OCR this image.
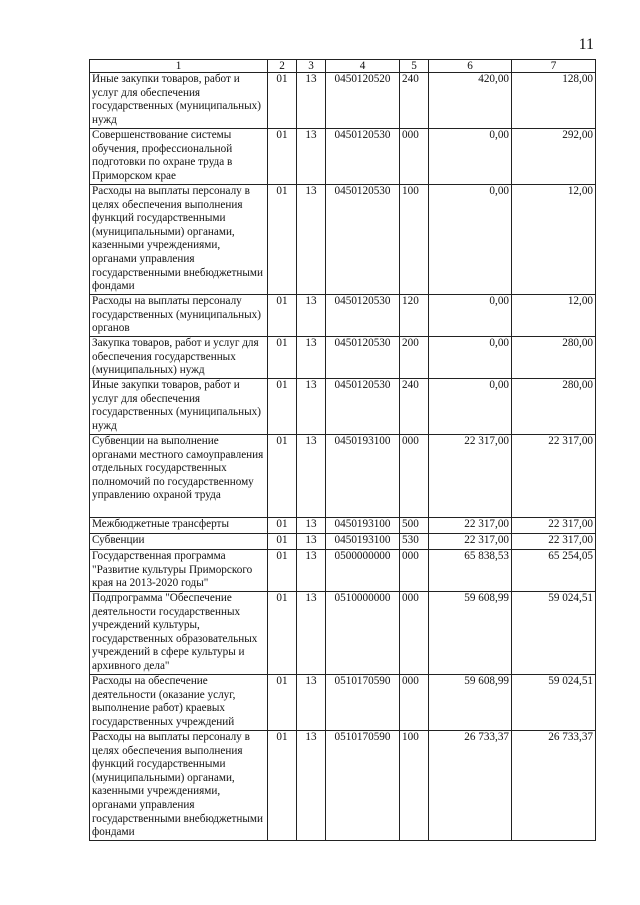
11
1	2	3	4	5	6	7
Иные закупки товаров, работ и услуг для обеспечения государственных (муниципальных) нужд	01	13	0450120520	240	420,00	128,00
Совершенствование системы обучения, профессиональной подготовки по охране труда в Приморском крае	01	13	0450120530	000	0,00	292,00
Расходы на выплаты персоналу в целях обеспечения выполнения функций государственными (муниципальными) органами, казенными учреждениями, органами управления государственными внебюджетными фондами	01	13	0450120530	100	0,00	12,00
Расходы на выплаты персоналу государственных (муниципальных) органов	01	13	0450120530	120	0,00	12,00
Закупка товаров, работ и услуг для обеспечения государственных (муниципальных) нужд	01	13	0450120530	200	0,00	280,00
Иные закупки товаров, работ и услуг для обеспечения государственных (муниципальных) нужд	01	13	0450120530	240	0,00	280,00
Субвенции на выполнение органами местного самоуправления отдельных государственных полномочий по государственному управлению охраной труда	01	13	0450193100	000	22 317,00	22 317,00
Межбюджетные трансферты	01	13	0450193100	500	22 317,00	22 317,00
Субвенции	01	13	0450193100	530	22 317,00	22 317,00
Государственная программа "Развитие культуры Приморского края на 2013-2020 годы"	01	13	0500000000	000	65 838,53	65 254,05
Подпрограмма "Обеспечение деятельности государственных учреждений культуры, государственных образовательных учреждений в сфере культуры и архивного дела"	01	13	0510000000	000	59 608,99	59 024,51
Расходы на обеспечение деятельности (оказание услуг, выполнение работ) краевых государственных учреждений	01	13	0510170590	000	59 608,99	59 024,51
Расходы на выплаты персоналу в целях обеспечения выполнения функций государственными (муниципальными) органами, казенными учреждениями, органами управления государственными внебюджетными фондами	01	13	0510170590	100	26 733,37	26 733,37
